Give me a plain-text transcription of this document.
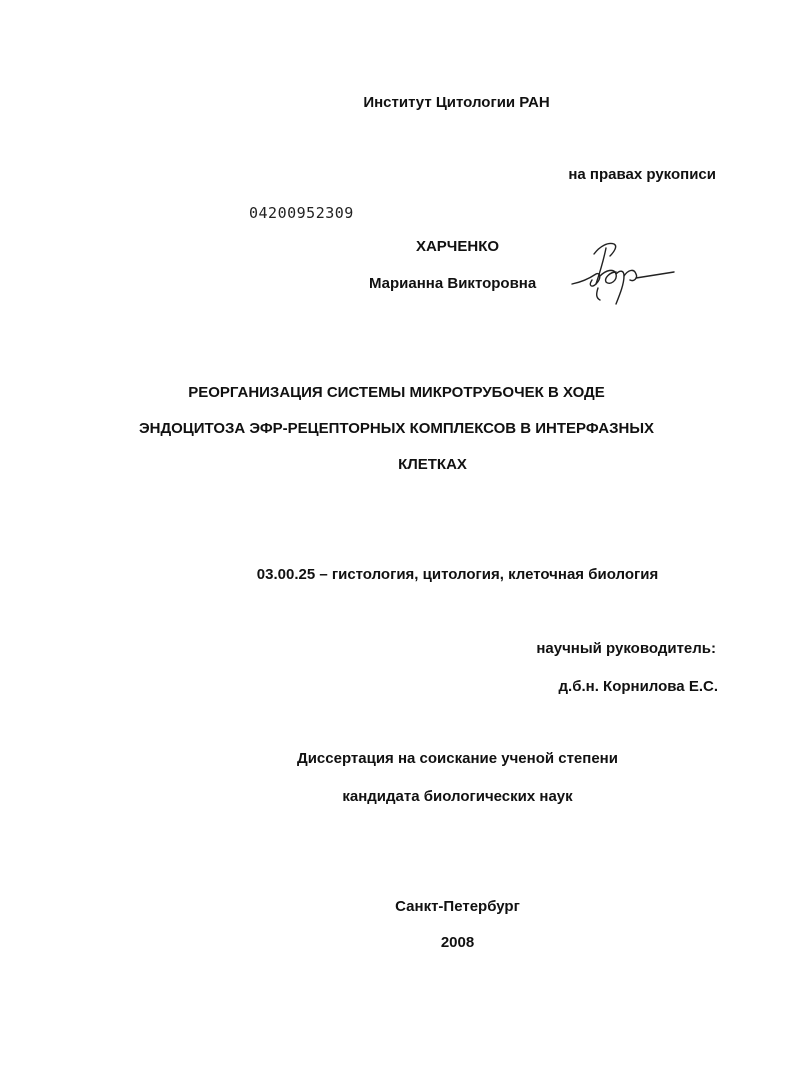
Институт Цитологии РАН

на правах рукописи

04200952309

ХАРЧЕНКО

Марианна Викторовна

РЕОРГАНИЗАЦИЯ СИСТЕМЫ МИКРОТРУБОЧЕК В ХОДЕ
ЭНДОЦИТОЗА ЭФР-РЕЦЕПТОРНЫХ КОМПЛЕКСОВ В ИНТЕРФАЗНЫХ
КЛЕТКАХ

03.00.25 – гистология, цитология, клеточная биология

научный руководитель:

д.б.н. Корнилова Е.С.

Диссертация на соискание ученой степени

кандидата биологических наук

Санкт-Петербург

2008
